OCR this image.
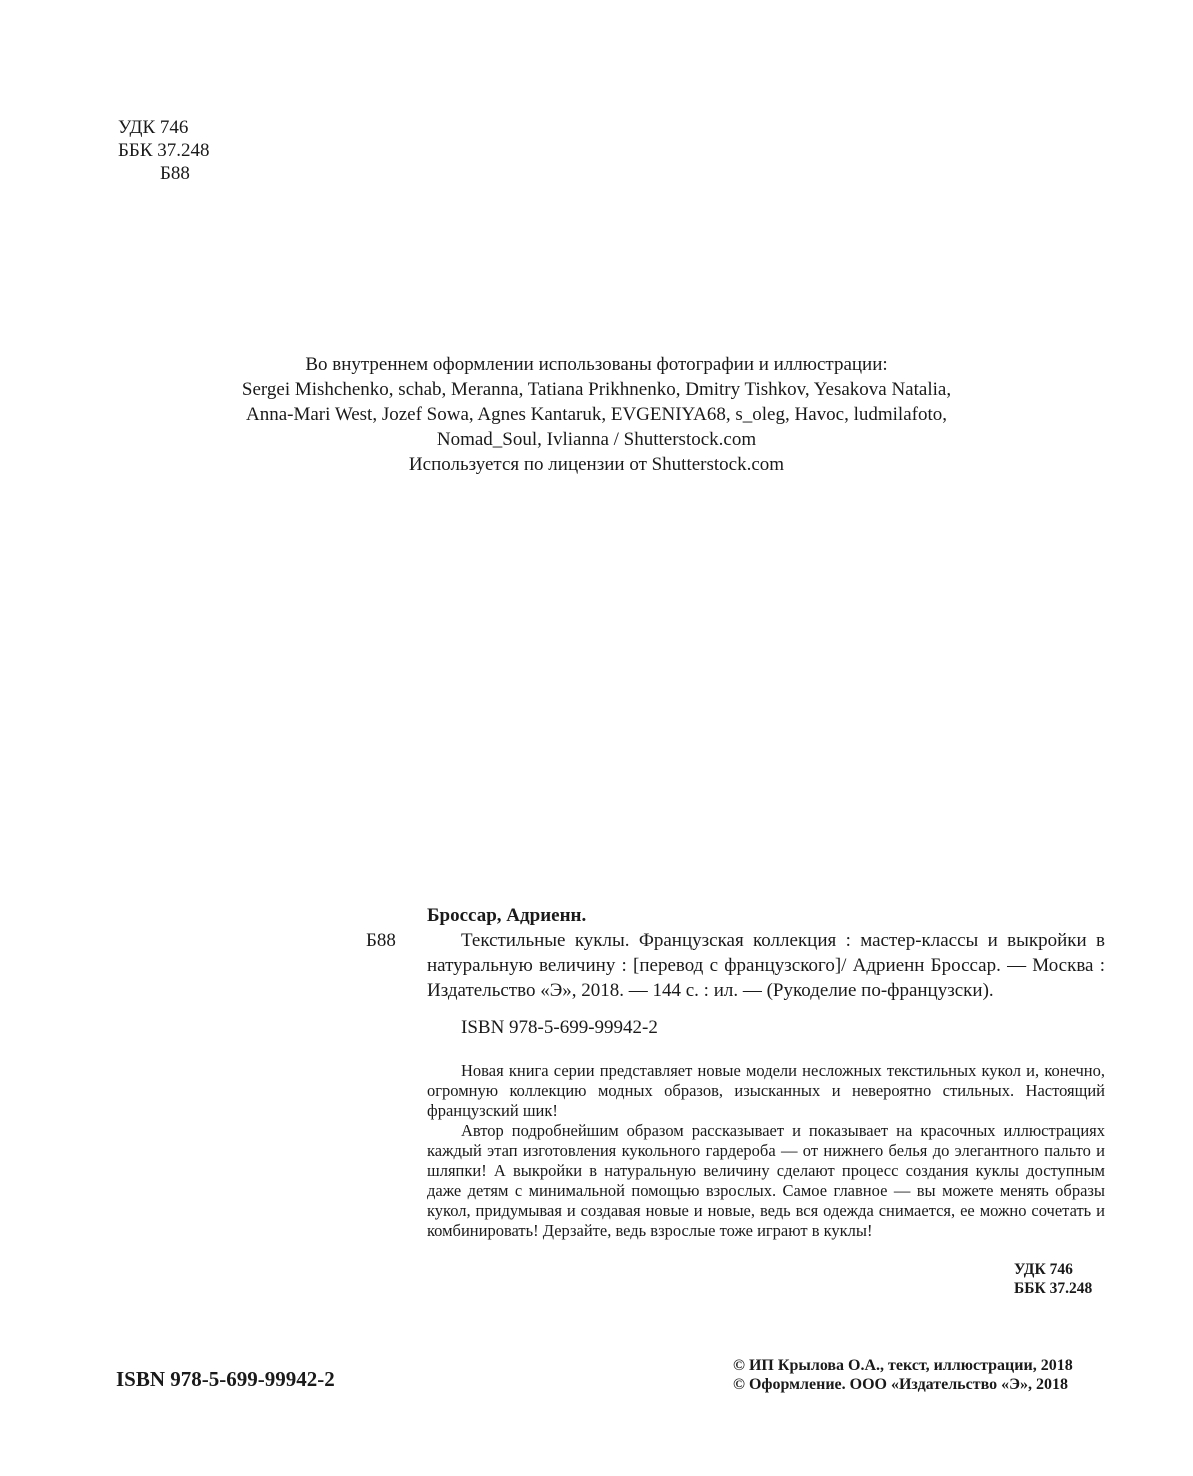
УДК 746
ББК 37.248
Б88
Во внутреннем оформлении использованы фотографии и иллюстрации:
Sergei Mishchenko, schab, Meranna, Tatiana Prikhnenko, Dmitry Tishkov, Yesakova Natalia,
Anna-Mari West, Jozef Sowa, Agnes Kantaruk, EVGENIYA68, s_oleg, Havoc, ludmilafoto,
Nomad_Soul, Ivlianna / Shutterstock.com
Используется по лицензии от Shutterstock.com
Б88
Броссар, Адриенн.
Текстильные куклы. Французская коллекция : мастер-классы и выкройки в натуральную величину : [перевод с французского]/ Адриенн Броссар. — Москва : Издательство «Э», 2018. — 144 с. : ил. — (Рукоделие по-французски).
ISBN 978-5-699-99942-2

Новая книга серии представляет новые модели несложных текстильных кукол и, конечно, огромную коллекцию модных образов, изысканных и невероятно стильных. Настоящий французский шик!

Автор подробнейшим образом рассказывает и показывает на красочных иллюстрациях каждый этап изготовления кукольного гардероба — от нижнего белья до элегантного пальто и шляпки! А выкройки в натуральную величину сделают процесс создания куклы доступным даже детям с минимальной помощью взрослых. Самое главное — вы можете менять образы кукол, придумывая и создавая новые и новые, ведь вся одежда снимается, ее можно сочетать и комбинировать! Дерзайте, ведь взрослые тоже играют в куклы!

УДК 746
ББК 37.248
ISBN 978-5-699-99942-2
© ИП Крылова О.А., текст, иллюстрации, 2018
© Оформление. ООО «Издательство «Э», 2018
